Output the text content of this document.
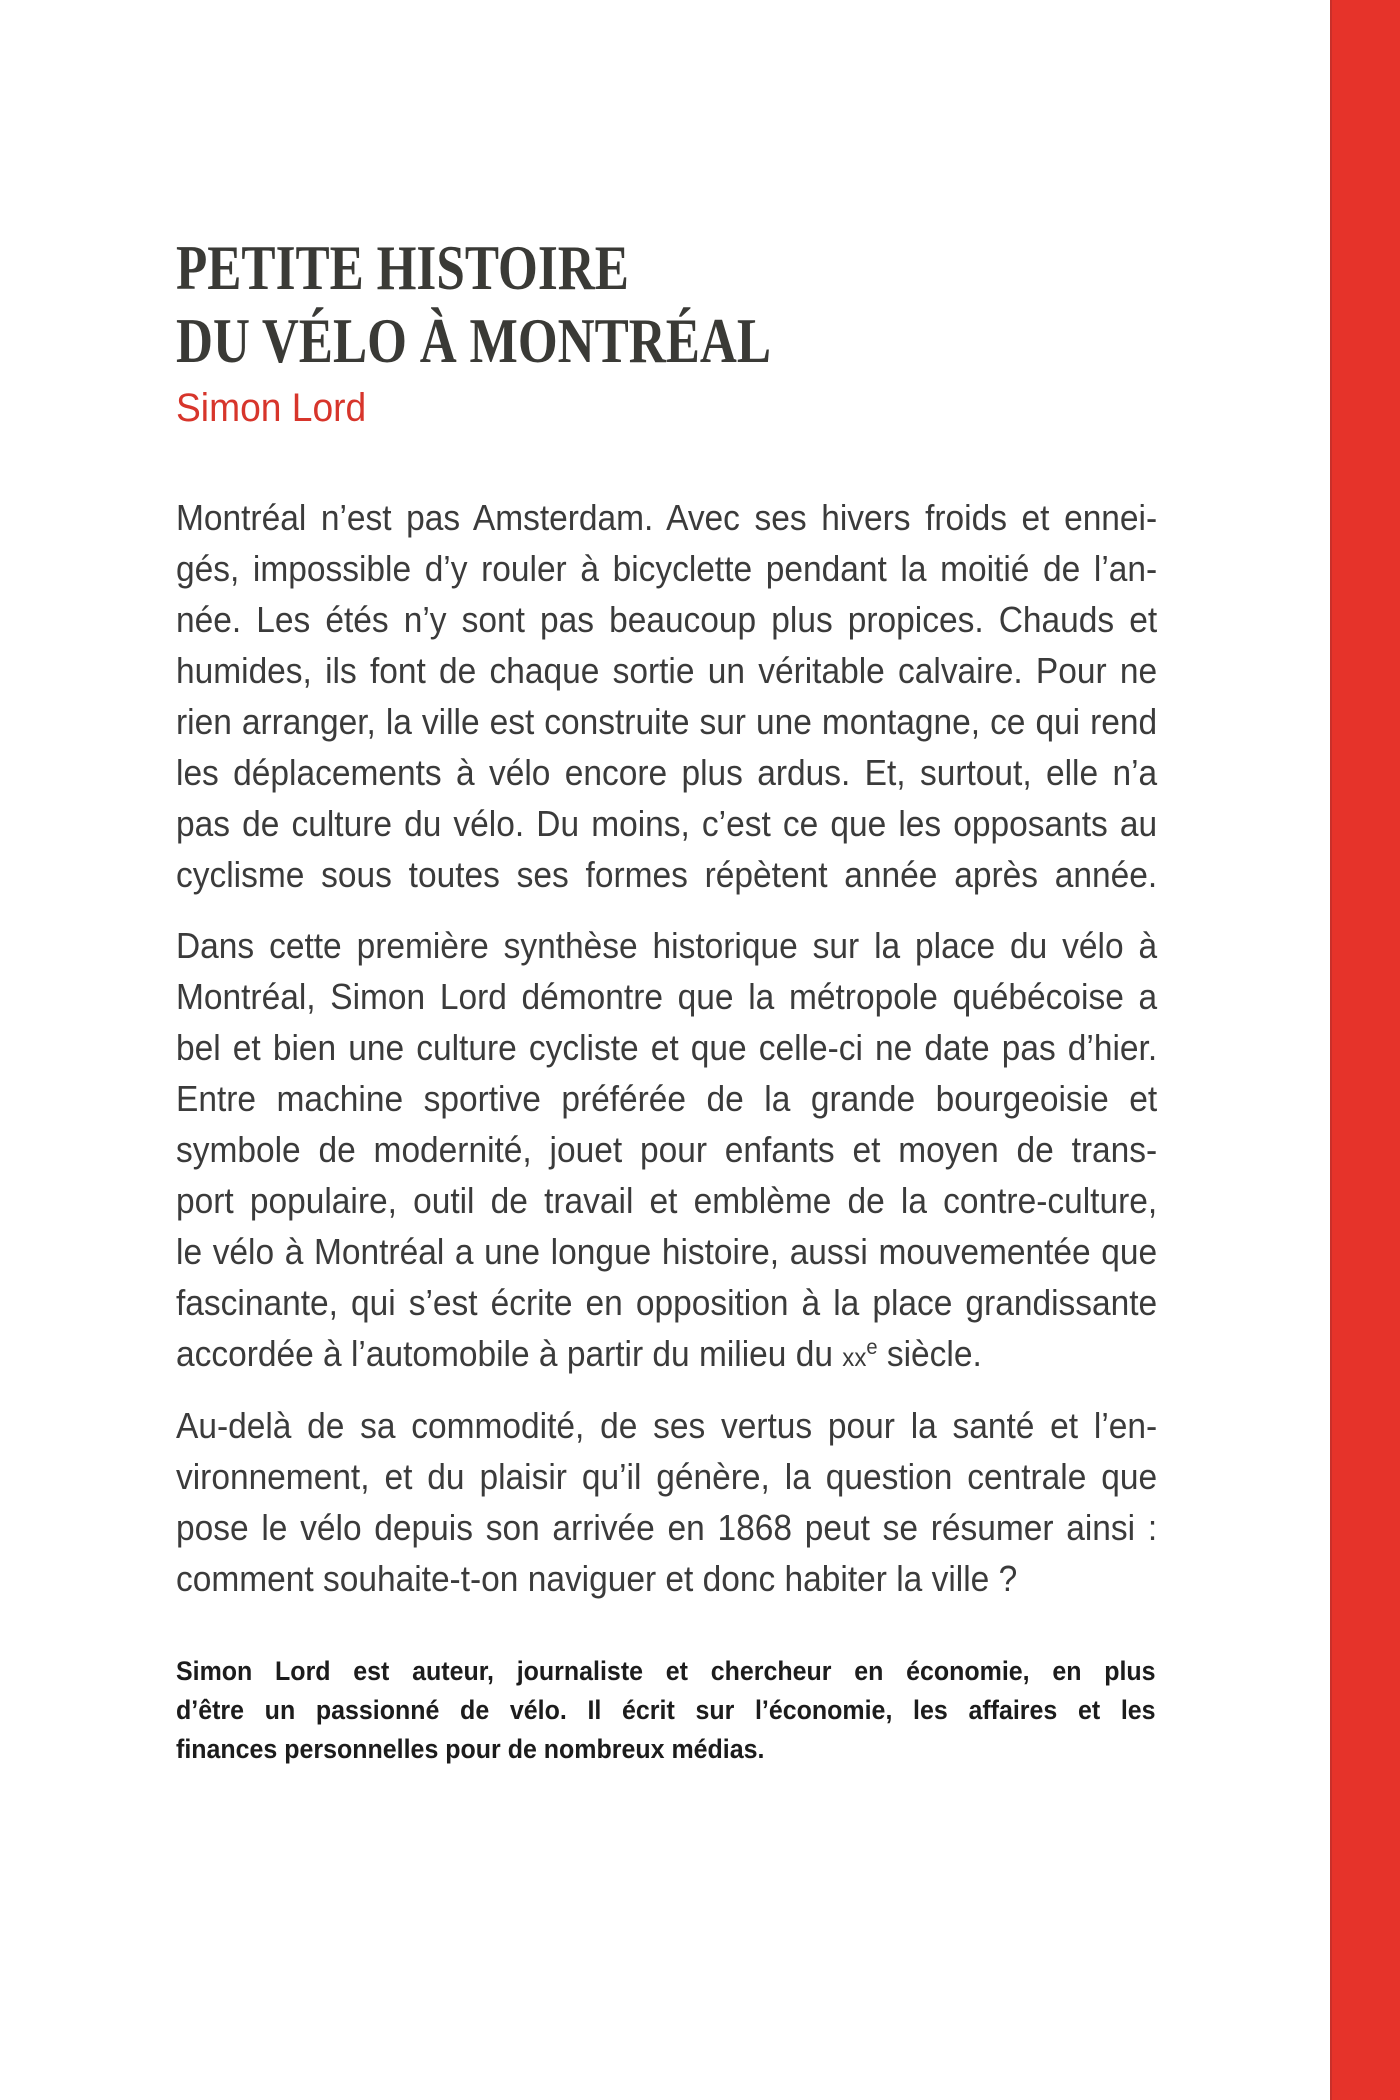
PETITE HISTOIRE
DU VÉLO À MONTRÉAL
Simon Lord
Montréal n’est pas Amsterdam. Avec ses hivers froids et ennei-
gés, impossible d’y rouler à bicyclette pendant la moitié de l’an-
née. Les étés n’y sont pas beaucoup plus propices. Chauds et
humides, ils font de chaque sortie un véritable calvaire. Pour ne
rien arranger, la ville est construite sur une montagne, ce qui rend
les déplacements à vélo encore plus ardus. Et, surtout, elle n’a
pas de culture du vélo. Du moins, c’est ce que les opposants au
cyclisme sous toutes ses formes répètent année après année.
Dans cette première synthèse historique sur la place du vélo à
Montréal, Simon Lord démontre que la métropole québécoise a
bel et bien une culture cycliste et que celle-ci ne date pas d’hier.
Entre machine sportive préférée de la grande bourgeoisie et
symbole de modernité, jouet pour enfants et moyen de trans-
port populaire, outil de travail et emblème de la contre-culture,
le vélo à Montréal a une longue histoire, aussi mouvementée que
fascinante, qui s’est écrite en opposition à la place grandissante
accordée à l’automobile à partir du milieu du $xx^e$ siècle.
Au-delà de sa commodité, de ses vertus pour la santé et l’en-
vironnement, et du plaisir qu’il génère, la question centrale que
pose le vélo depuis son arrivée en 1868 peut se résumer ainsi :
comment souhaite-t-on naviguer et donc habiter la ville ?
Simon Lord est auteur, journaliste et chercheur en économie, en plus
d’être un passionné de vélo. Il écrit sur l’économie, les affaires et les
finances personnelles pour de nombreux médias.
